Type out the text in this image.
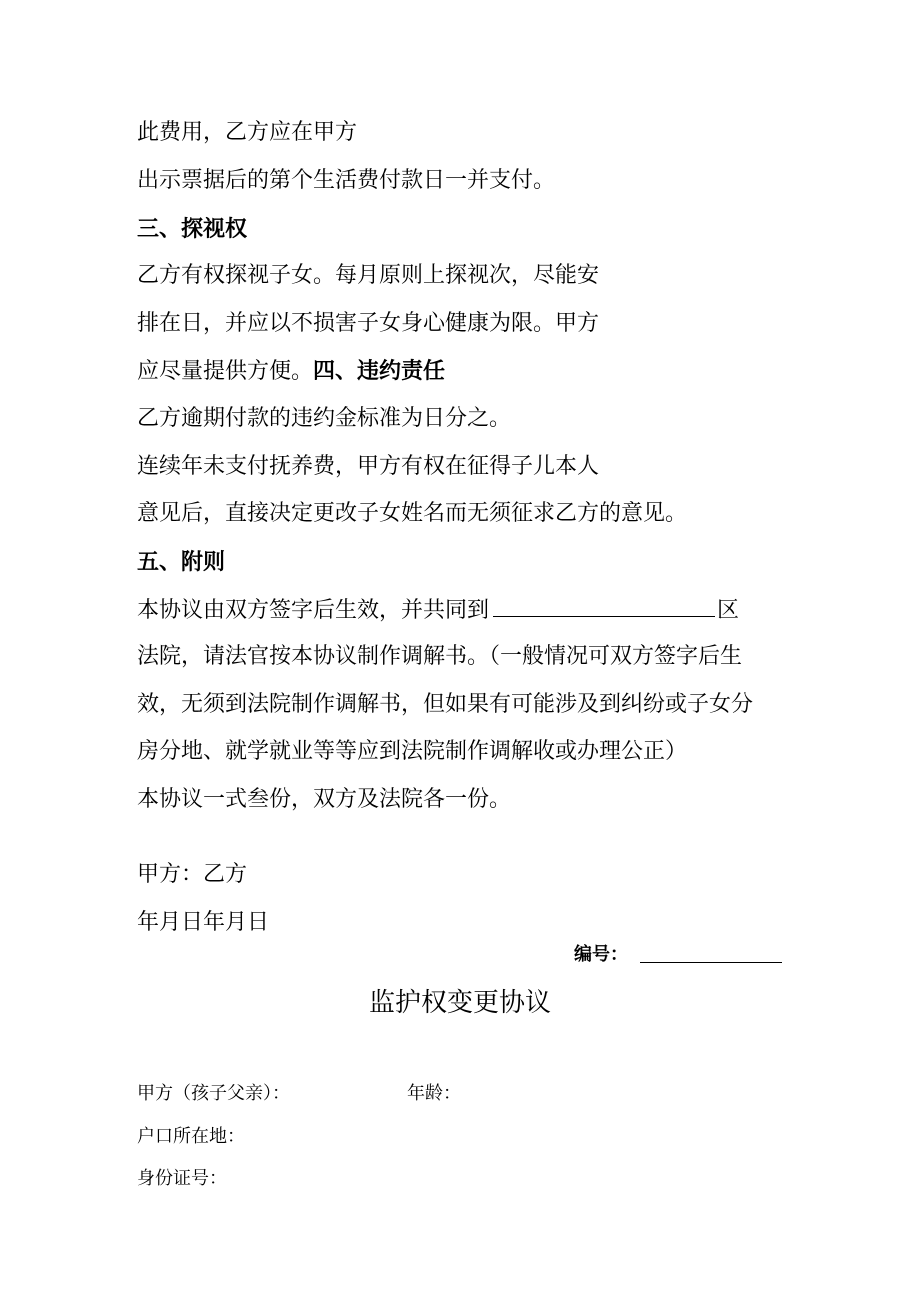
此费用，乙方应在甲方
出示票据后的第个生活费付款日一并支付。
三、探视权
乙方有权探视子女。每月原则上探视次，尽能安
排在日，并应以不损害子女身心健康为限。甲方
应尽量提供方便。四、违约责任
乙方逾期付款的违约金标准为日分之。
连续年未支付抚养费，甲方有权在征得子儿本人
意见后，直接决定更改子女姓名而无须征求乙方的意见。
五、附则
本协议由双方签字后生效，并共同到	区
法院，请法官按本协议制作调解书。（一般情况可双方签字后生
效，无须到法院制作调解书，但如果有可能涉及到纠纷或子女分
房分地、就学就业等等应到法院制作调解收或办理公正）
本协议一式叁份，双方及法院各一份。
甲方：乙方
年月日年月日
编号：
监护权变更协议
甲方（孩子父亲）：	年龄：
户口所在地：
身份证号：
